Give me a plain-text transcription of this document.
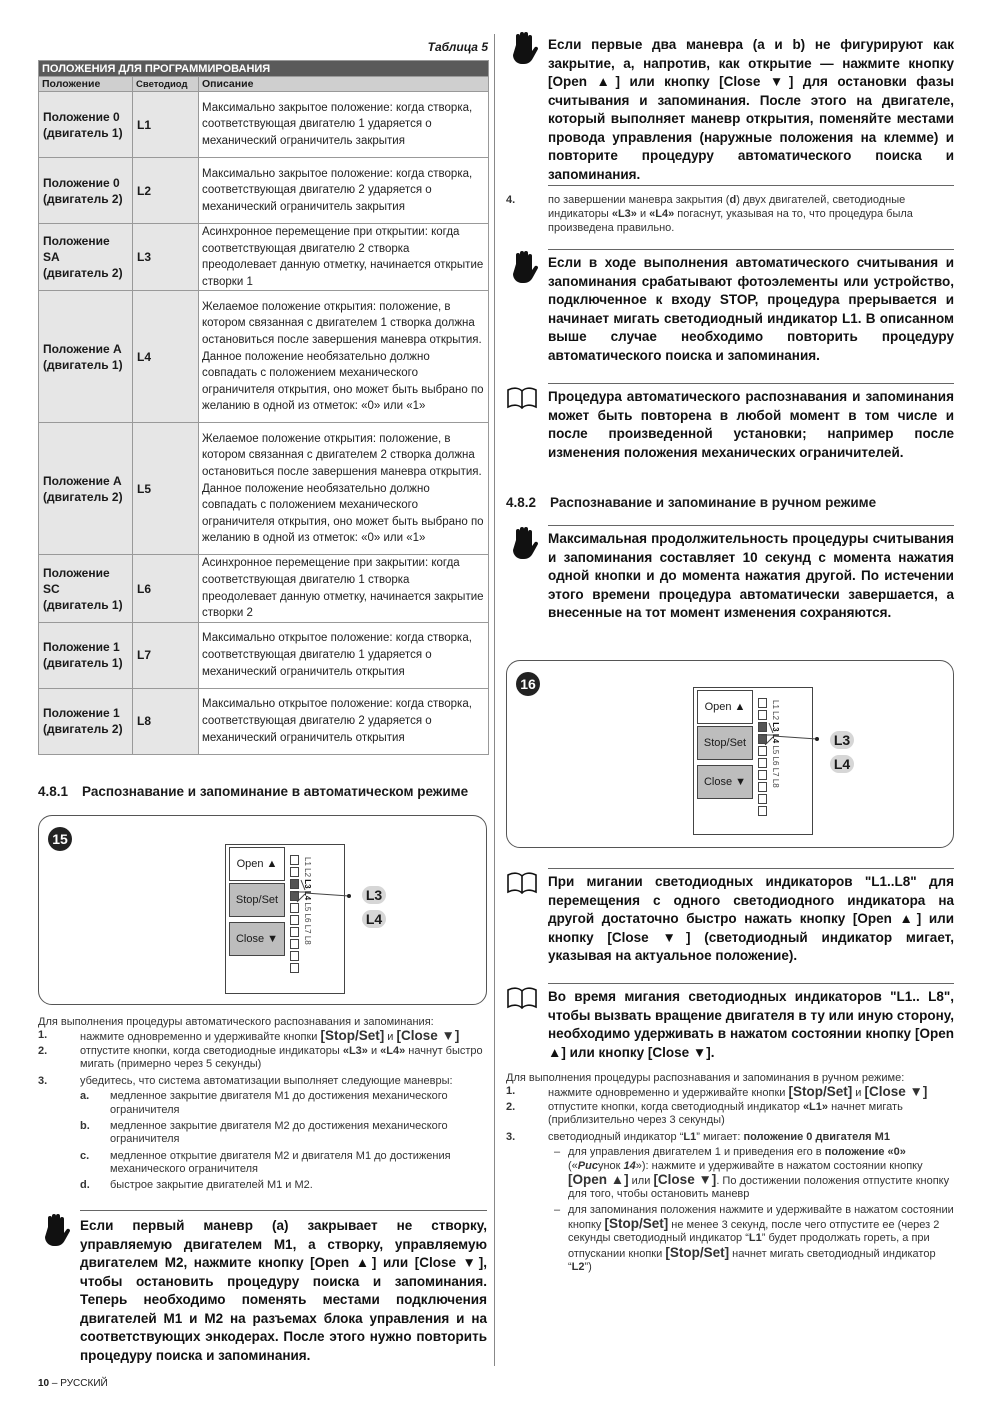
Таблица 5
ПОЛОЖЕНИЯ ДЛЯ ПРОГРАММИРОВАНИЯ		
Положение	Светодиод	Описание
Положение 0 (двигатель 1)	L1	Максимально закрытое положение: когда створка, соответствующая двигателю 1 ударяется о механический ограничитель закрытия
Положение 0 (двигатель 2)	L2	Максимально закрытое положение: когда створка, соответствующая двигателю 2 ударяется о механический ограничитель закрытия
Положение SA (двигатель 2)	L3	Асинхронное перемещение при открытии: когда соответствующая двигателю 2 створка преодолевает данную отметку, начинается открытие створки 1
Положение A (двигатель 1)	L4	Желаемое положение открытия: положение, в котором связанная с двигателем 1 створка должна остановиться после завершения маневра открытия. Данное положение необязательно должно совпадать с положением механического ограничителя открытия, оно может быть выбрано по желанию в одной из отметок: «0» или «1»
Положение A (двигатель 2)	L5	Желаемое положение открытия: положение, в котором связанная с двигателем 2 створка должна остановиться после завершения маневра открытия. Данное положение необязательно должно совпадать с положением механического ограничителя открытия, оно может быть выбрано по желанию в одной из отметок: «0» или «1»
Положение SC (двигатель 1)	L6	Асинхронное перемещение при закрытии: когда соответствующая двигателю 1 створка преодолевает данную отметку, начинается закрытие створки 2
Положение 1 (двигатель 1)	L7	Максимально открытое положение: когда створка, соответствующая двигателю 1 ударяется о механический ограничитель открытия
Положение 1 (двигатель 2)	L8	Максимально открытое положение: когда створка, соответствующая двигателю 2 ударяется о механический ограничитель открытия
4.8.1 Распознавание и запоминание в автоматическом режиме
15
Open ▲
Stop/Set
Close ▼
L1 L2 L3 L4 L5 L6 L7 L8
L3
L4
Для выполнения процедуры автоматического распознавания и запоминания:
1.	нажмите одновременно и удерживайте кнопки [Stop/Set] и [Close ▼]
2.	отпустите кнопки, когда светодиодные индикаторы «L3» и «L4» начнут быстро мигать (примерно через 5 секунды)
3.	убедитесь, что система автоматизации выполняет следующие маневры:
a. медленное закрытие двигателя M1 до достижения механического ограничителя
b. медленное закрытие двигателя M2 до достижения механического ограничителя
c. медленное открытие двигателя M2 и двигателя M1 до достижения механического ограничителя
d. быстрое закрытие двигателей M1 и M2.
Если первый маневр (a) закрывает не створку, управляемую двигателем M1, а створку, управляемую двигателем M2, нажмите кнопку [Open ▲] или [Close ▼], чтобы остановить процедуру поиска и запоминания. Теперь необходимо поменять местами подключения двигателей M1 и M2 на разъемах блока управления и на соответствующих энкодерах. После этого нужно повторить процедуру поиска и запоминания.
Если первые два маневра (a и b) не фигурируют как закрытие, а, напротив, как открытие — нажмите кнопку [Open ▲] или кнопку [Close ▼] для остановки фазы считывания и запоминания. После этого на двигателе, который выполняет маневр открытия, поменяйте местами провода управления (наружные положения на клемме) и повторите процедуру автоматического поиска и запоминания.
4.	по завершении маневра закрытия (d) двух двигателей, светодиодные индикаторы «L3» и «L4» погаснут, указывая на то, что процедура была произведена правильно.
Если в ходе выполнения автоматического считывания и запоминания срабатывают фотоэлементы или устройство, подключенное к входу STOP, процедура прерывается и начинает мигать светодиодный индикатор L1. В описанном выше случае необходимо повторить процедуру автоматического поиска и запоминания.
Процедура автоматического распознавания и запоминания может быть повторена в любой момент в том числе и после произведенной установки; например после изменения положения механических ограничителей.
4.8.2 Распознавание и запоминание в ручном режиме
Максимальная продолжительность процедуры считывания и запоминания составляет 10 секунд с момента нажатия одной кнопки и до момента нажатия другой. По истечении этого времени процедура автоматически завершается, а внесенные на тот момент изменения сохраняются.
16
Open ▲
Stop/Set
Close ▼
L1 L2 L3 L4 L5 L6 L7 L8
L3
L4
При мигании светодиодных индикаторов "L1..L8" для перемещения с одного светодиодного индикатора на другой достаточно быстро нажать кнопку [Open ▲] или кнопку [Close ▼] (светодиодный индикатор мигает, указывая на актуальное положение).
Во время мигания светодиодных индикаторов "L1.. L8", чтобы вызвать вращение двигателя в ту или иную сторону, необходимо удерживать в нажатом состоянии кнопку [Open ▲] или кнопку [Close ▼].
Для выполнения процедуры распознавания и запоминания в ручном режиме:
1.	нажмите одновременно и удерживайте кнопки [Stop/Set] и [Close ▼]
2.	отпустите кнопки, когда светодиодный индикатор «L1» начнет мигать (приблизительно через 3 секунды)
3.	светодиодный индикатор “L1” мигает: положение 0 двигателя M1
– для управления двигателем 1 и приведения его в положение «0» («Рисунок 14»): нажмите и удерживайте в нажатом состоянии кнопку [Open ▲] или [Close ▼]. По достижении положения отпустите кнопку для того, чтобы остановить маневр
– для запоминания положения нажмите и удерживайте в нажатом состоянии кнопку [Stop/Set] не менее 3 секунд, после чего отпустите ее (через 2 секунды светодиодный индикатор “L1” будет продолжать гореть, а при отпускании кнопки [Stop/Set] начнет мигать светодиодный индикатор “L2”)
10 – РУССКИЙ
